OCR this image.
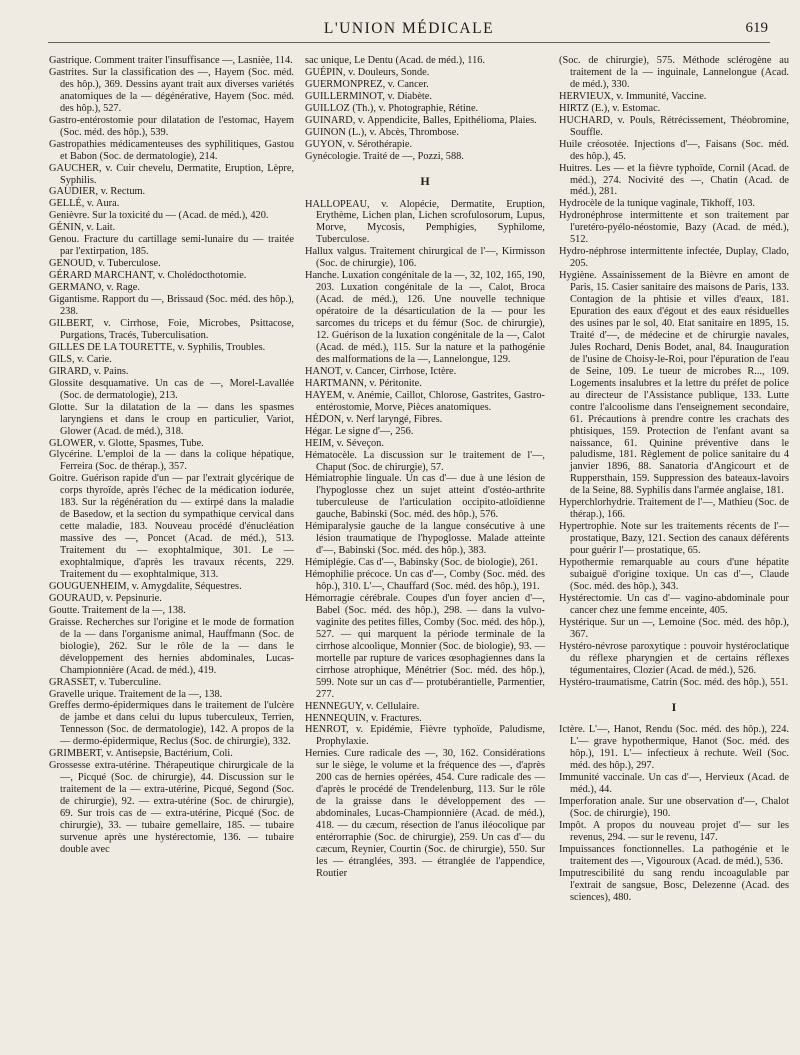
L'UNION MÉDICALE	619
Gastrique. Comment traiter l'insuffisance —, Lasnièe, 114.
Gastrites. Sur la classification des —, Hayem (Soc. méd. des hôp.), 369. Dessins ayant trait aux diverses variétés anatomiques de la — dégénérative, Hayem (Soc. méd. des hôp.), 527.
Gastro-entérostomie pour dilatation de l'estomac, Hayem (Soc. méd. des hôp.), 539.
Gastropathies médicamenteuses des syphilitiques, Gastou et Babon (Soc. de dermatologie), 214.
GAUCHER, v. Cuir chevelu, Dermatite, Eruption, Lèpre, Syphilis.
GAUDIER, v. Rectum.
GELLÉ, v. Aura.
Genièvre. Sur la toxicité du — (Acad. de méd.), 420.
GÉNIN, v. Lait.
Genou. Fracture du cartillage semi-lunaire du — traitée par l'extirpation, 185.
GENOUD, v. Tuberculose.
GÉRARD MARCHANT, v. Cholédocthotomie.
GERMANO, v. Rage.
Gigantisme. Rapport du —, Brissaud (Soc. méd. des hôp.), 238.
GILBERT, v. Cirrhose, Foie, Microbes, Psittacose, Purgations, Tracés, Tuberculisation.
GILLES DE LA TOURETTE, v. Syphilis, Troubles.
GILS, v. Carie.
GIRARD, v. Pains.
Glossite desquamative. Un cas de —, Morel-Lavallée (Soc. de dermatologie), 213.
Glotte. Sur la dilatation de la — dans les spasmes laryngiens et dans le croup en particulier, Variot, Glower (Acad. de méd.), 318.
GLOWER, v. Glotte, Spasmes, Tube.
Glycérine. L'emploi de la — dans la colique hépatique, Ferreira (Soc. de thérap.), 357.
Goitre. Guérison rapide d'un — par l'extrait glycérique de corps thyroïde, après l'échec de la médication iodurée, 183. Sur la régénération du — extirpé dans la maladie de Basedow, et la section du sympathique cervical dans cette maladie, 183. Nouveau procédé d'énucléation massive des —, Poncet (Acad. de méd.), 513. Traitement du — exophtalmique, 301. Le — exophtalmique, d'après les travaux récents, 229. Traitement du — exophtalmique, 313.
GOUGUENHEIM, v. Amygdalite, Séquestres.
GOURAUD, v. Pepsinurie.
Goutte. Traitement de la —, 138.
Graisse. Recherches sur l'origine et le mode de formation de la — dans l'organisme animal, Hauffmann (Soc. de biologie), 262. Sur le rôle de la — dans le développement des hernies abdominales, Lucas-Championnière (Acad. de méd.), 419.
GRASSET, v. Tuberculine.
Gravelle urique. Traitement de la —, 138.
Greffes dermo-épidermiques dans le traitement de l'ulcère de jambe et dans celui du lupus tuberculeux, Terrien, Tennesson (Soc. de dermatologie), 142. A propos de la — dermo-épidermique, Reclus (Soc. de chirurgie), 332.
GRIMBERT, v. Antisepsie, Bactérium, Coli.
Grossesse extra-utérine. Thérapeutique chirurgicale de la —, Picqué (Soc. de chirurgie), 44. Discussion sur le traitement de la — extra-utérine, Picqué, Segond (Soc. de chirurgie), 92. — extra-utérine (Soc. de chirurgie), 69. Sur trois cas de — extra-utérine, Picqué (Soc. de chirurgie), 33. — tubaire gemellaire, 185. — tubaire survenue après une hystérectomie, 136. — tubaire double avec
sac unique, Le Dentu (Acad. de méd.), 116.
GUÉPIN, v. Douleurs, Sonde.
GUERMONPREZ, v. Cancer.
GUILLERMINOT, v. Diabète.
GUILLOZ (Th.), v. Photographie, Rétine.
GUINARD, v. Appendicite, Balles, Epithélioma, Plaies.
GUINON (L.), v. Abcès, Thrombose.
GUYON, v. Sérothérapie.
Gynécologie. Traité de —, Pozzi, 588.
H
HALLOPEAU, v. Alopécie, Dermatite, Eruption, Erythème, Lichen plan, Lichen scrofulosorum, Lupus, Morve, Mycosis, Pemphigies, Syphilome, Tuberculose.
Hallux valgus. Traitement chirurgical de l'—, Kirmisson (Soc. de chirurgie), 106.
Hanche. Luxation congénitale de la —, 32, 102, 165, 190, 203. Luxation congénitale de la —, Calot, Broca (Acad. de méd.), 126. Une nouvelle technique opératoire de la désarticulation de la — pour les sarcomes du triceps et du fémur (Soc. de chirurgie), 12. Guérison de la luxation congénitale de la —, Calot (Acad. de méd.), 115. Sur la nature et la pathogénie des malformations de la —, Lannelongue, 129.
HANOT, v. Cancer, Cirrhose, Ictère.
HARTMANN, v. Péritonite.
HAYEM, v. Anémie, Caillot, Chlorose, Gastrites, Gastro-entérostomie, Morve, Pièces anatomiques.
HÉDON, v. Nerf laryngé, Fibres.
Hégar. Le signe d'—, 256.
HEIM, v. Séveçon.
Hématocèle. La discussion sur le traitement de l'—, Chaput (Soc. de chirurgie), 57.
Hémiatrophie linguale. Un cas d'— due à une lésion de l'hypoglosse chez un sujet atteint d'ostéo-arthrite tuberculeuse de l'articulation occipito-atloïdienne gauche, Babinski (Soc. méd. des hôp.), 576.
Hémiparalysie gauche de la langue consécutive à une lésion traumatique de l'hypoglosse. Malade atteinte d'—, Babinski (Soc. méd. des hôp.), 383.
Hémiplégie. Cas d'—, Babinsky (Soc. de biologie), 261.
Hémophilie précoce. Un cas d'—, Comby (Soc. méd. des hôp.), 310. L'—, Chauffard (Soc. méd. des hôp.), 191.
Hémorragie cérébrale. Coupes d'un foyer ancien d'—, Babel (Soc. méd. des hôp.), 298. — dans la vulvo-vaginite des petites filles, Comby (Soc. méd. des hôp.), 527. — qui marquent la période terminale de la cirrhose alcoolique, Monnier (Soc. de biologie), 93. — mortelle par rupture de varices œsophagiennes dans la cirrhose atrophique, Ménétrier (Soc. méd. des hôp.), 599. Note sur un cas d'— protubérantielle, Parmentier, 277.
HENNEGUY, v. Cellulaire.
HENNEQUIN, v. Fractures.
HENROT, v. Epidémie, Fièvre typhoïde, Paludisme, Prophylaxie.
Hernies. Cure radicale des —, 30, 162. Considérations sur le siège, le volume et la fréquence des —, d'après 200 cas de hernies opérées, 454. Cure radicale des — d'après le procédé de Trendelenburg, 113. Sur le rôle de la graisse dans le développement des — abdominales, Lucas-Championnière (Acad. de méd.), 418. — du cæcum, résection de l'anus iléocolique par entérorraphie (Soc. de chirurgie), 259. Un cas d'— du cæcum, Reynier, Courtin (Soc. de chirurgie), 550. Sur les — étranglées, 393. — étranglée de l'appendice, Routier
(Soc. de chirurgie), 575. Méthode sclérogène au traitement de la — inguinale, Lannelongue (Acad. de méd.), 330.
HERVIEUX, v. Immunité, Vaccine.
HIRTZ (E.), v. Estomac.
HUCHARD, v. Pouls, Rétrécissement, Théobromine, Souffle.
Huile créosotée. Injections d'—, Faisans (Soc. méd. des hôp.), 45.
Huitres. Les — et la fièvre typhoïde, Cornil (Acad. de méd.), 274. Nocivité des —, Chatin (Acad. de méd.), 281.
Hydrocèle de la tunique vaginale, Tikhoff, 103.
Hydronéphrose intermittente et son traitement par l'uretéro-pyélo-néostomie, Bazy (Acad. de méd.), 512.
Hydro-néphrose intermittente infectée, Duplay, Clado, 205.
Hygiène. Assainissement de la Bièvre en amont de Paris, 15. Casier sanitaire des maisons de Paris, 133. Contagion de la phtisie et villes d'eaux, 181. Epuration des eaux d'égout et des eaux résiduelles des usines par le sol, 40. Etat sanitaire en 1895, 15. Traité d'—, de médecine et de chirurgie navales, Jules Rochard, Denis Bodet, anal, 84. Inauguration de l'usine de Choisy-le-Roi, pour l'épuration de l'eau de Seine, 109. Le tueur de microbes R..., 109. Logements insalubres et la lettre du préfet de police au directeur de l'Assistance publique, 133. Lutte contre l'alcoolisme dans l'enseignement secondaire, 61. Précautions à prendre contre les crachats des phtisiques, 159. Protection de l'enfant avant sa naissance, 61. Quinine préventive dans le paludisme, 181. Règlement de police sanitaire du 4 janvier 1896, 88. Sanatoria d'Angicourt et de Ruppersthain, 159. Suppression des bateaux-lavoirs de la Seine, 88. Syphilis dans l'armée anglaise, 181.
Hyperchlorhydrie. Traitement de l'—, Mathieu (Soc. de thérap.), 166.
Hypertrophie. Note sur les traitements récents de l'— prostatique, Bazy, 121. Section des canaux déférents pour guérir l'— prostatique, 65.
Hypothermie remarquable au cours d'une hépatite subaiguë d'origine toxique. Un cas d'—, Claude (Soc. méd. des hôp.), 343.
Hystérectomie. Un cas d'— vagino-abdominale pour cancer chez une femme enceinte, 405.
Hystérique. Sur un —, Lemoine (Soc. méd. des hôp.), 367.
Hystéro-névrose paroxytique : pouvoir hystéroclatique du réflexe pharyngien et de certains réflexes tégumentaires, Clozier (Acad. de méd.), 526.
Hystéro-traumatisme, Catrin (Soc. méd. des hôp.), 551.
I
Ictère. L'—, Hanot, Rendu (Soc. méd. des hôp.), 224. L'— grave hypothermique, Hanot (Soc. méd. des hôp.), 191. L'— infectieux à rechute. Weil (Soc. méd. des hôp.), 297.
Immunité vaccinale. Un cas d'—, Hervieux (Acad. de méd.), 44.
Imperforation anale. Sur une observation d'—, Chalot (Soc. de chirurgie), 190.
Impôt. A propos du nouveau projet d'— sur les revenus, 294. — sur le revenu, 147.
Impuissances fonctionnelles. La pathogénie et le traitement des —, Vigouroux (Acad. de méd.), 536.
Imputrescibilité du sang rendu incoagulable par l'extrait de sangsue, Bosc, Delezenne (Acad. des sciences), 480.
